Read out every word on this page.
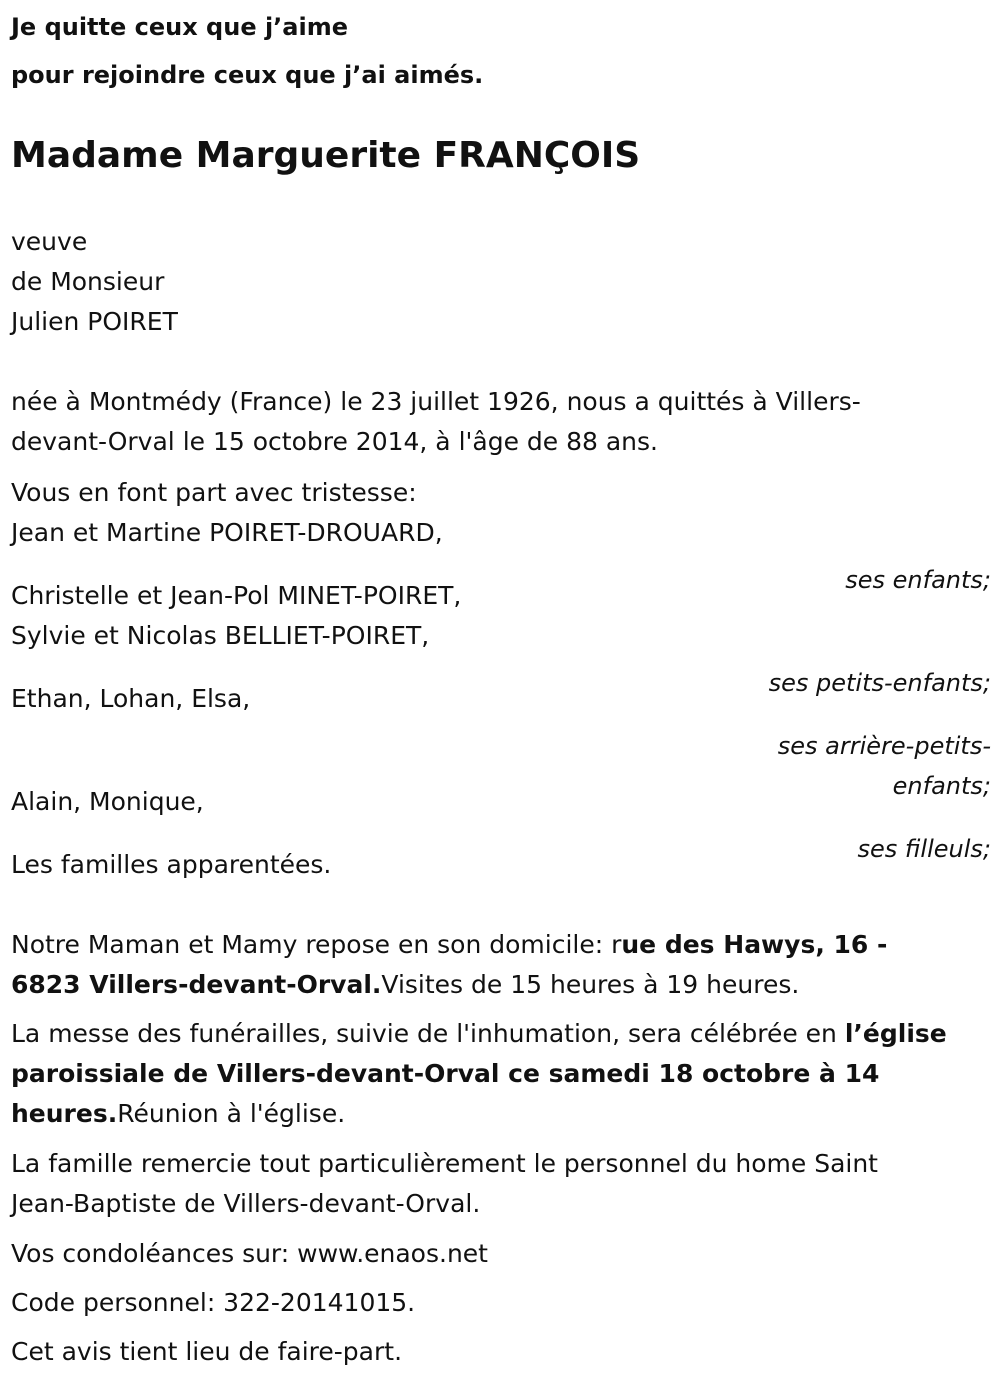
Je quitte ceux que j’aime

pour rejoindre ceux que j’ai aimés.

Madame Marguerite FRANÇOIS

veuve

de Monsieur

Julien POIRET

née à Montmédy (France) le 23 juillet 1926, nous a quittés à Villers-

devant-Orval le 15 octobre 2014, à l'âge de 88 ans.

Vous en font part avec tristesse:

Jean et Martine POIRET-DROUARD,

ses enfants;

Christelle et Jean-Pol MINET-POIRET,

Sylvie et Nicolas BELLIET-POIRET,

ses petits-enfants;

Ethan, Lohan, Elsa,

ses arrière-petits-

enfants;

Alain, Monique,

ses filleuls;

Les familles apparentées.

Notre Maman et Mamy repose en son domicile: rue des Hawys, 16 -

6823 Villers-devant-Orval.Visites de 15 heures à 19 heures.

La messe des funérailles, suivie de l'inhumation, sera célébrée en l’église

paroissiale de Villers-devant-Orval ce samedi 18 octobre à 14

heures.Réunion à l'église.

La famille remercie tout particulièrement le personnel du home Saint

Jean-Baptiste de Villers-devant-Orval.

Vos condoléances sur: www.enaos.net

Code personnel: 322-20141015.

Cet avis tient lieu de faire-part.
